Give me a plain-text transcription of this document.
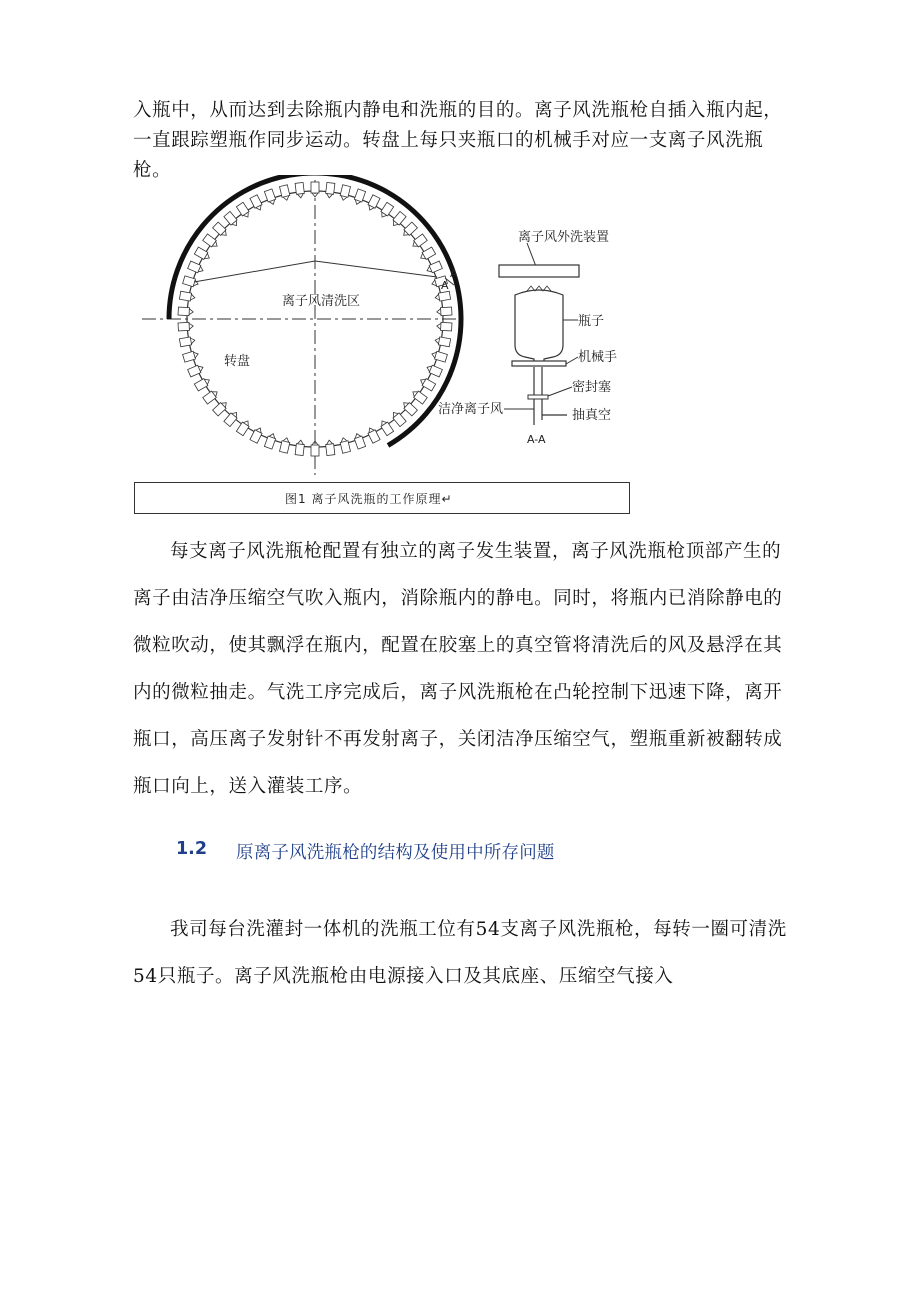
入瓶中，从而达到去除瓶内静电和洗瓶的目的。离子风洗瓶枪自插入瓶内起，一直跟踪塑瓶作同步运动。转盘上每只夹瓶口的机械手对应一支离子风洗瓶枪。

离子风清洗区
转盘
A
A
离子风外洗装置
瓶子
机械手
密封塞
洁净离子风	抽真空
A-A
图1 离子风洗瓶的工作原理↵

每支离子风洗瓶枪配置有独立的离子发生装置，离子风洗瓶枪顶部产生的离子由洁净压缩空气吹入瓶内，消除瓶内的静电。同时，将瓶内已消除静电的微粒吹动，使其飘浮在瓶内，配置在胶塞上的真空管将清洗后的风及悬浮在其内的微粒抽走。气洗工序完成后，离子风洗瓶枪在凸轮控制下迅速下降，离开瓶口，高压离子发射针不再发射离子，关闭洁净压缩空气，塑瓶重新被翻转成瓶口向上，送入灌装工序。

1.2 原离子风洗瓶枪的结构及使用中所存问题

我司每台洗灌封一体机的洗瓶工位有54支离子风洗瓶枪，每转一圈可清洗54只瓶子。离子风洗瓶枪由电源接入口及其底座、压缩空气接入
